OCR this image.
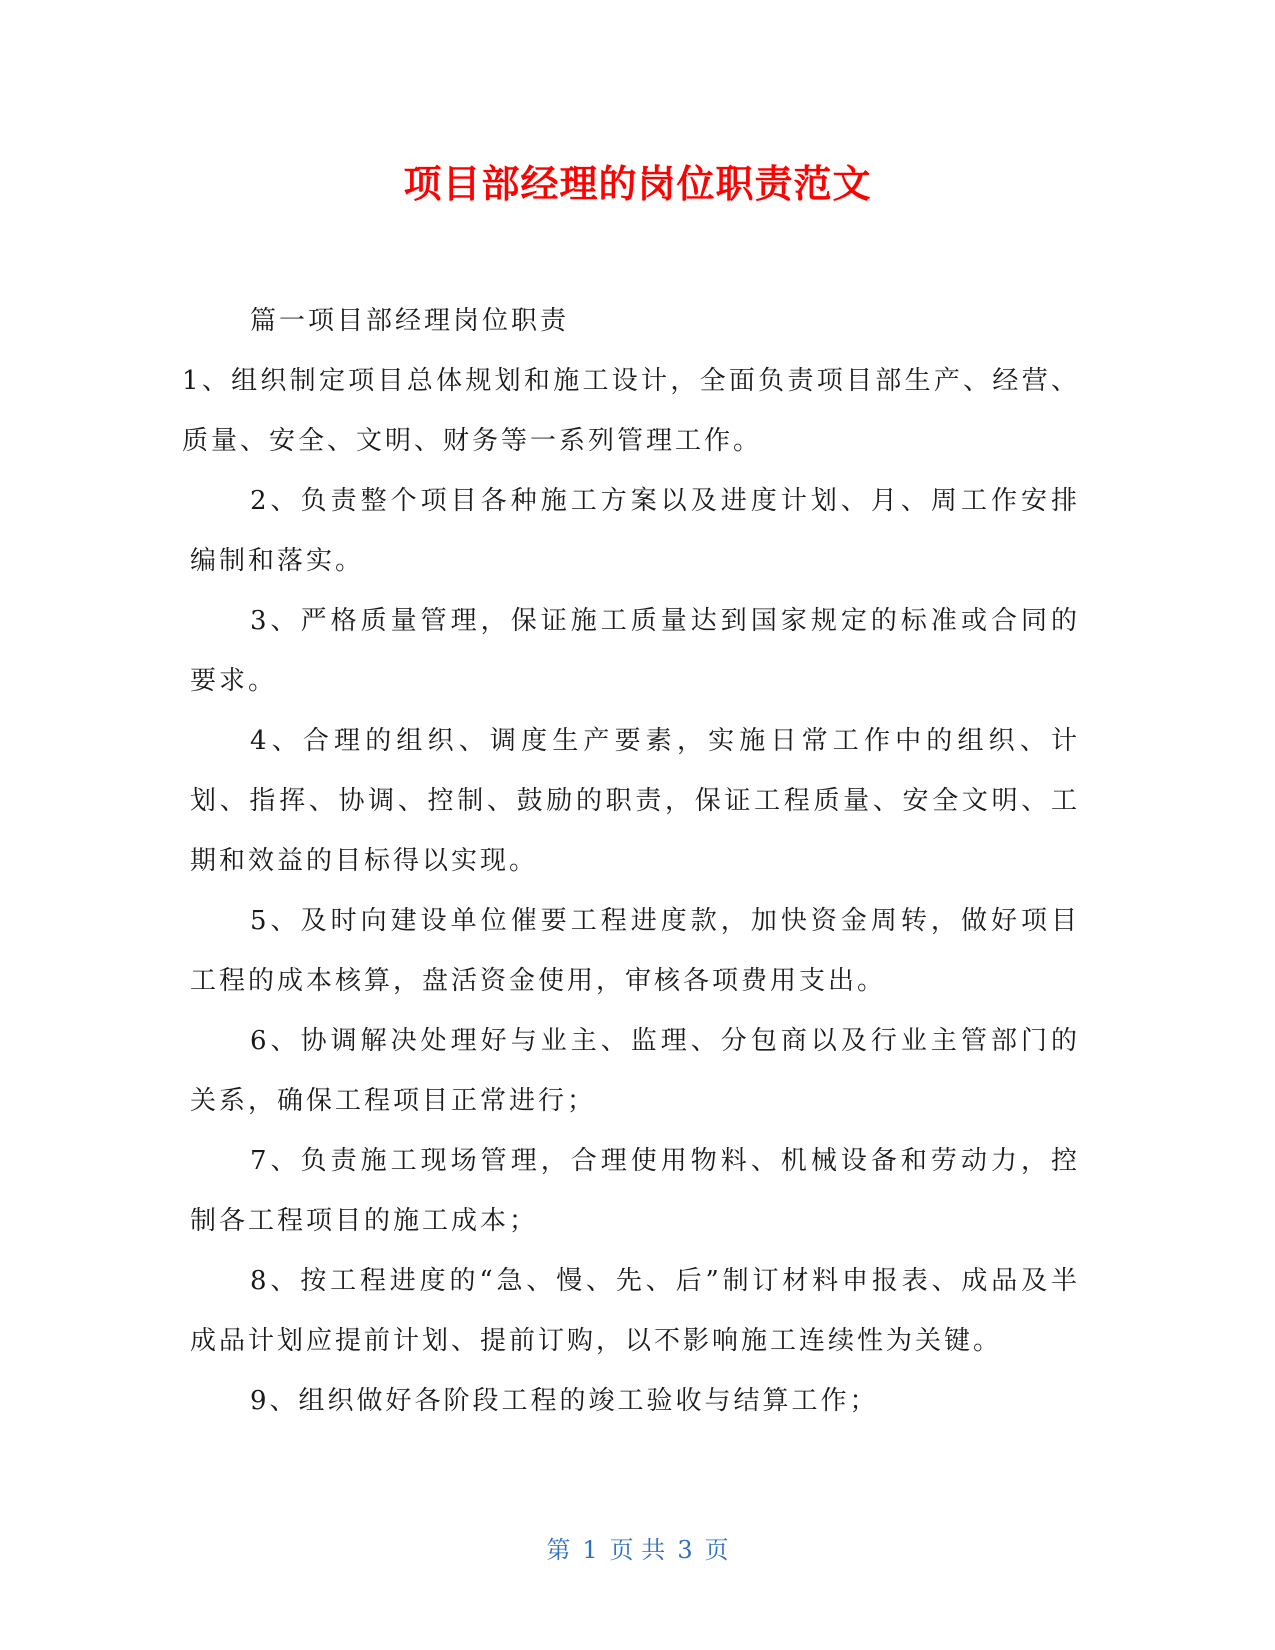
项目部经理的岗位职责范文

篇一项目部经理岗位职责

1、组织制定项目总体规划和施工设计，全面负责项目部生产、经营、质量、安全、文明、财务等一系列管理工作。

2、负责整个项目各种施工方案以及进度计划、月、周工作安排编制和落实。

3、严格质量管理，保证施工质量达到国家规定的标准或合同的要求。

4、合理的组织、调度生产要素，实施日常工作中的组织、计划、指挥、协调、控制、鼓励的职责，保证工程质量、安全文明、工期和效益的目标得以实现。

5、及时向建设单位催要工程进度款，加快资金周转，做好项目工程的成本核算，盘活资金使用，审核各项费用支出。

6、协调解决处理好与业主、监理、分包商以及行业主管部门的关系，确保工程项目正常进行；

7、负责施工现场管理，合理使用物料、机械设备和劳动力，控制各工程项目的施工成本；

8、按工程进度的“急、慢、先、后”制订材料申报表、成品及半成品计划应提前计划、提前订购，以不影响施工连续性为关键。

9、组织做好各阶段工程的竣工验收与结算工作；

第 1 页 共 3 页
